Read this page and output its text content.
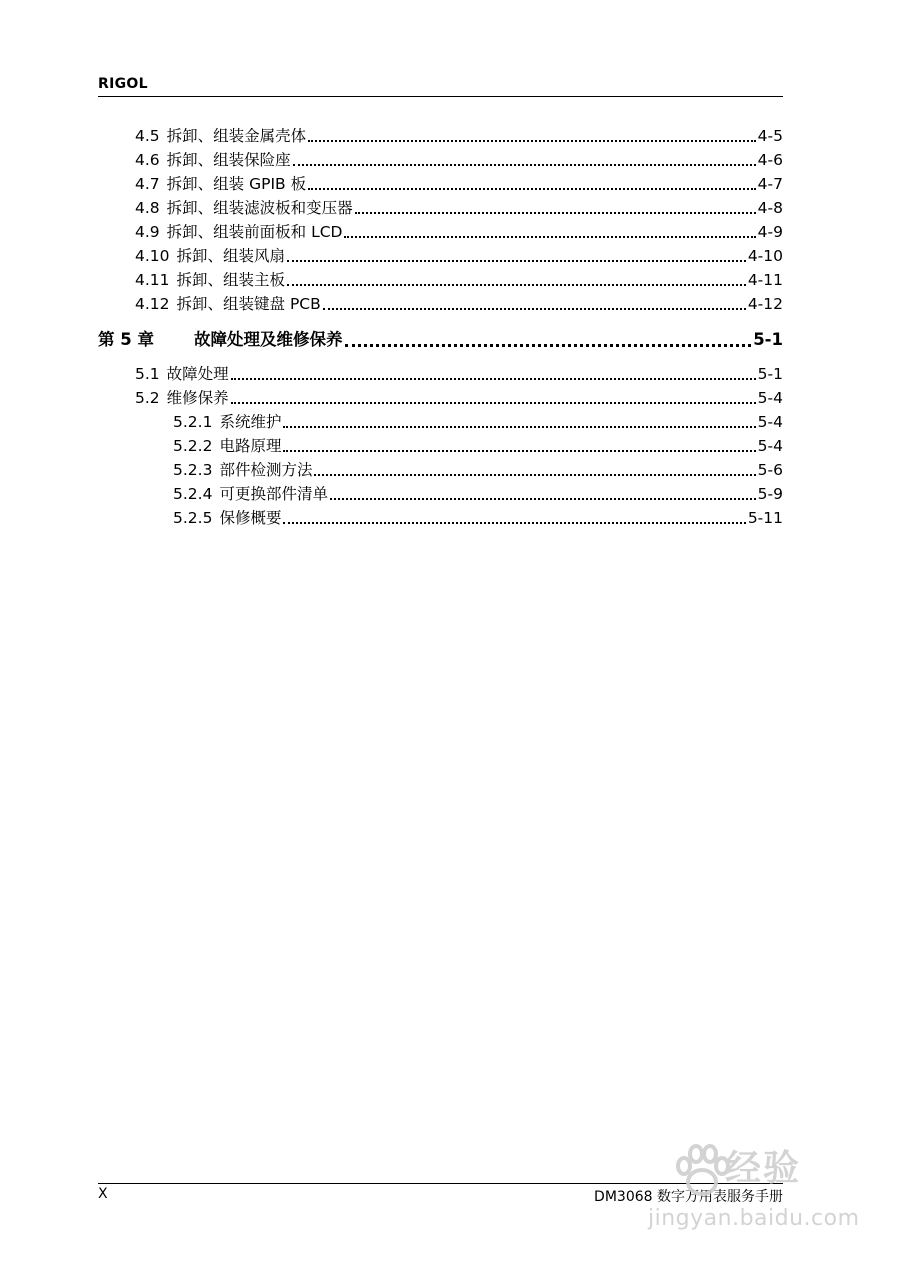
RIGOL
4.5 拆卸、组装金属壳体	4-5
4.6 拆卸、组装保险座	4-6
4.7 拆卸、组装 GPIB 板	4-7
4.8 拆卸、组装滤波板和变压器	4-8
4.9 拆卸、组装前面板和 LCD	4-9
4.10 拆卸、组装风扇	4-10
4.11 拆卸、组装主板	4-11
4.12 拆卸、组装键盘 PCB	4-12
第 5 章	故障处理及维修保养	5-1
5.1 故障处理	5-1
5.2 维修保养	5-4
5.2.1 系统维护	5-4
5.2.2 电路原理	5-4
5.2.3 部件检测方法	5-6
5.2.4 可更换部件清单	5-9
5.2.5 保修概要	5-11
X	DM3068 数字万用表服务手册
经验
jingyan.baidu.com
